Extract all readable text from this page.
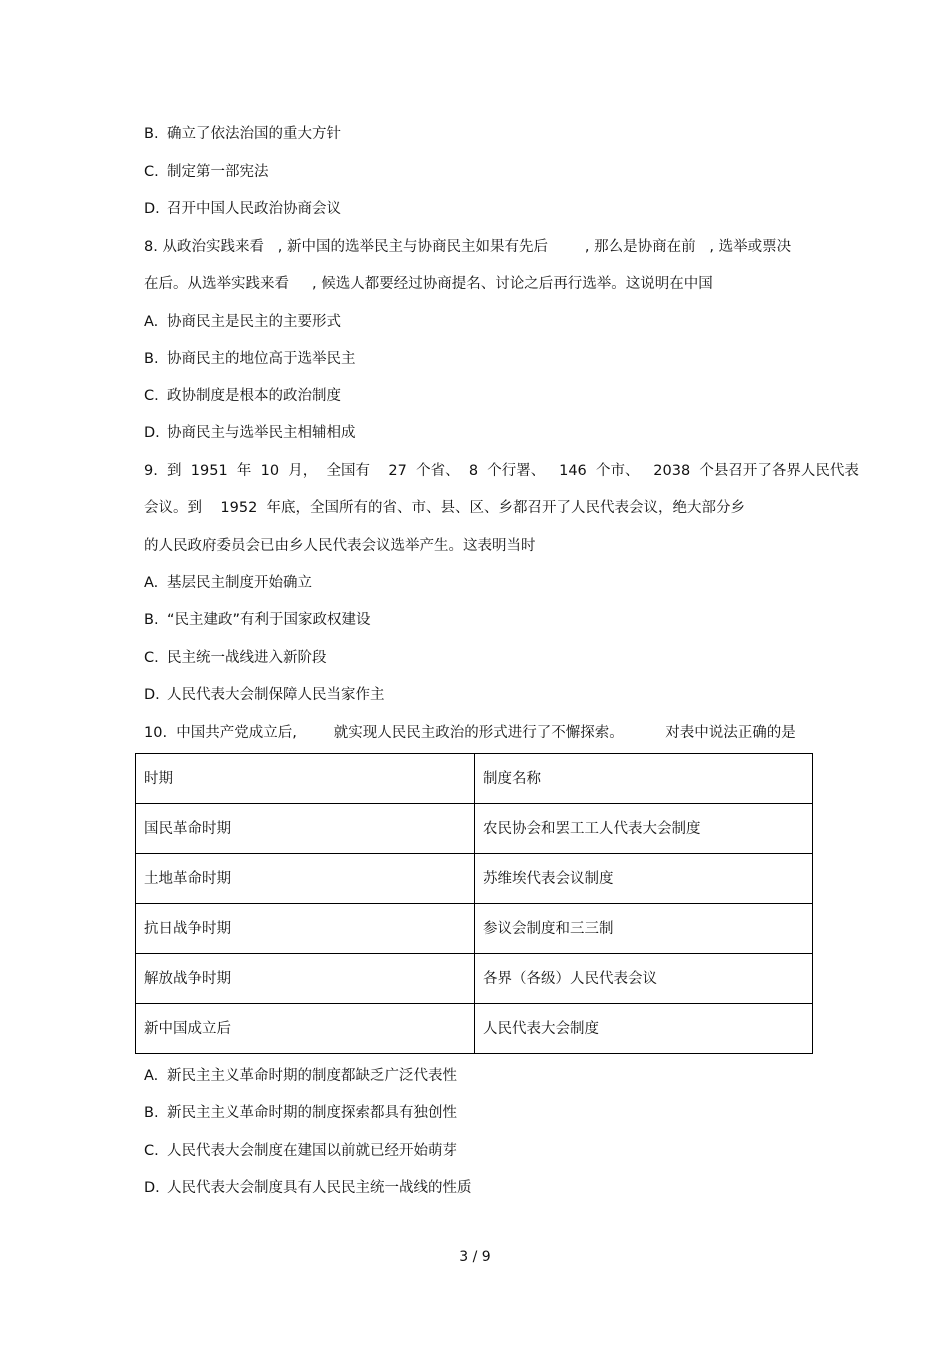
B. 确立了依法治国的重大方针
C. 制定第一部宪法
D. 召开中国人民政治协商会议
8. 从政治实践来看   , 新中国的选举民主与协商民主如果有先后        , 那么是协商在前   , 选举或票决
在后。从选举实践来看     , 候选人都要经过协商提名、讨论之后再行选举。这说明在中国
A. 协商民主是民主的主要形式
B. 协商民主的地位高于选举民主
C. 政协制度是根本的政治制度
D. 协商民主与选举民主相辅相成
9.  到  1951  年  10  月，  全国有    27  个省、  8  个行署、   146  个市、   2038  个县召开了各界人民代表
会议。到    1952  年底，全国所有的省、市、县、区、乡都召开了人民代表会议，绝大部分乡
的人民政府委员会已由乡人民代表会议选举产生。这表明当时
A. 基层民主制度开始确立
B. “民主建政”有利于国家政权建设
C. 民主统一战线进入新阶段
D. 人民代表大会制保障人民当家作主
10.  中国共产党成立后,        就实现人民民主政治的形式进行了不懈探索。         对表中说法正确的是
时期	制度名称
国民革命时期	农民协会和罢工工人代表大会制度
土地革命时期	苏维埃代表会议制度
抗日战争时期	参议会制度和三三制
解放战争时期	各界（各级）人民代表会议
新中国成立后	人民代表大会制度
A. 新民主主义革命时期的制度都缺乏广泛代表性
B. 新民主主义革命时期的制度探索都具有独创性
C. 人民代表大会制度在建国以前就已经开始萌芽
D. 人民代表大会制度具有人民民主统一战线的性质
3 / 9
